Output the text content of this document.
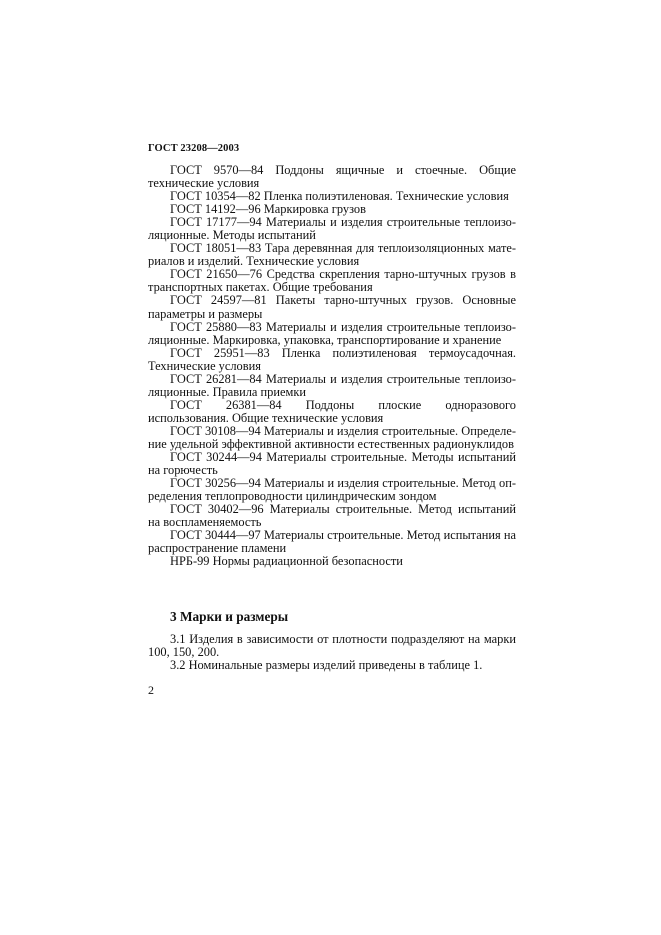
ГОСТ 23208—2003

ГОСТ 9570—84 Поддоны ящичные и стоечные. Общие технические условия

ГОСТ 10354—82 Пленка полиэтиленовая. Технические условия

ГОСТ 14192—96 Маркировка грузов

ГОСТ 17177—94 Материалы и изделия строительные теплоизоляционные. Методы испытаний

ГОСТ 18051—83 Тара деревянная для теплоизоляционных материалов и изделий. Технические условия

ГОСТ 21650—76 Средства скрепления тарно-штучных грузов в транспортных пакетах. Общие требования

ГОСТ 24597—81 Пакеты тарно-штучных грузов. Основные параметры и размеры

ГОСТ 25880—83 Материалы и изделия строительные теплоизоляционные. Маркировка, упаковка, транспортирование и хранение

ГОСТ 25951—83 Пленка полиэтиленовая термоусадочная. Технические условия

ГОСТ 26281—84 Материалы и изделия строительные теплоизоляционные. Правила приемки

ГОСТ 26381—84 Поддоны плоские одноразового использования. Общие технические условия

ГОСТ 30108—94 Материалы и изделия строительные. Определение удельной эффективной активности естественных радионуклидов

ГОСТ 30244—94 Материалы строительные. Методы испытаний на горючесть

ГОСТ 30256—94 Материалы и изделия строительные. Метод определения теплопроводности цилиндрическим зондом

ГОСТ 30402—96 Материалы строительные. Метод испытаний на воспламеняемость

ГОСТ 30444—97 Материалы строительные. Метод испытания на распространение пламени

НРБ-99 Нормы радиационной безопасности

3 Марки и размеры

3.1 Изделия в зависимости от плотности подразделяют на марки 100, 150, 200.

3.2 Номинальные размеры изделий приведены в таблице 1.

2
